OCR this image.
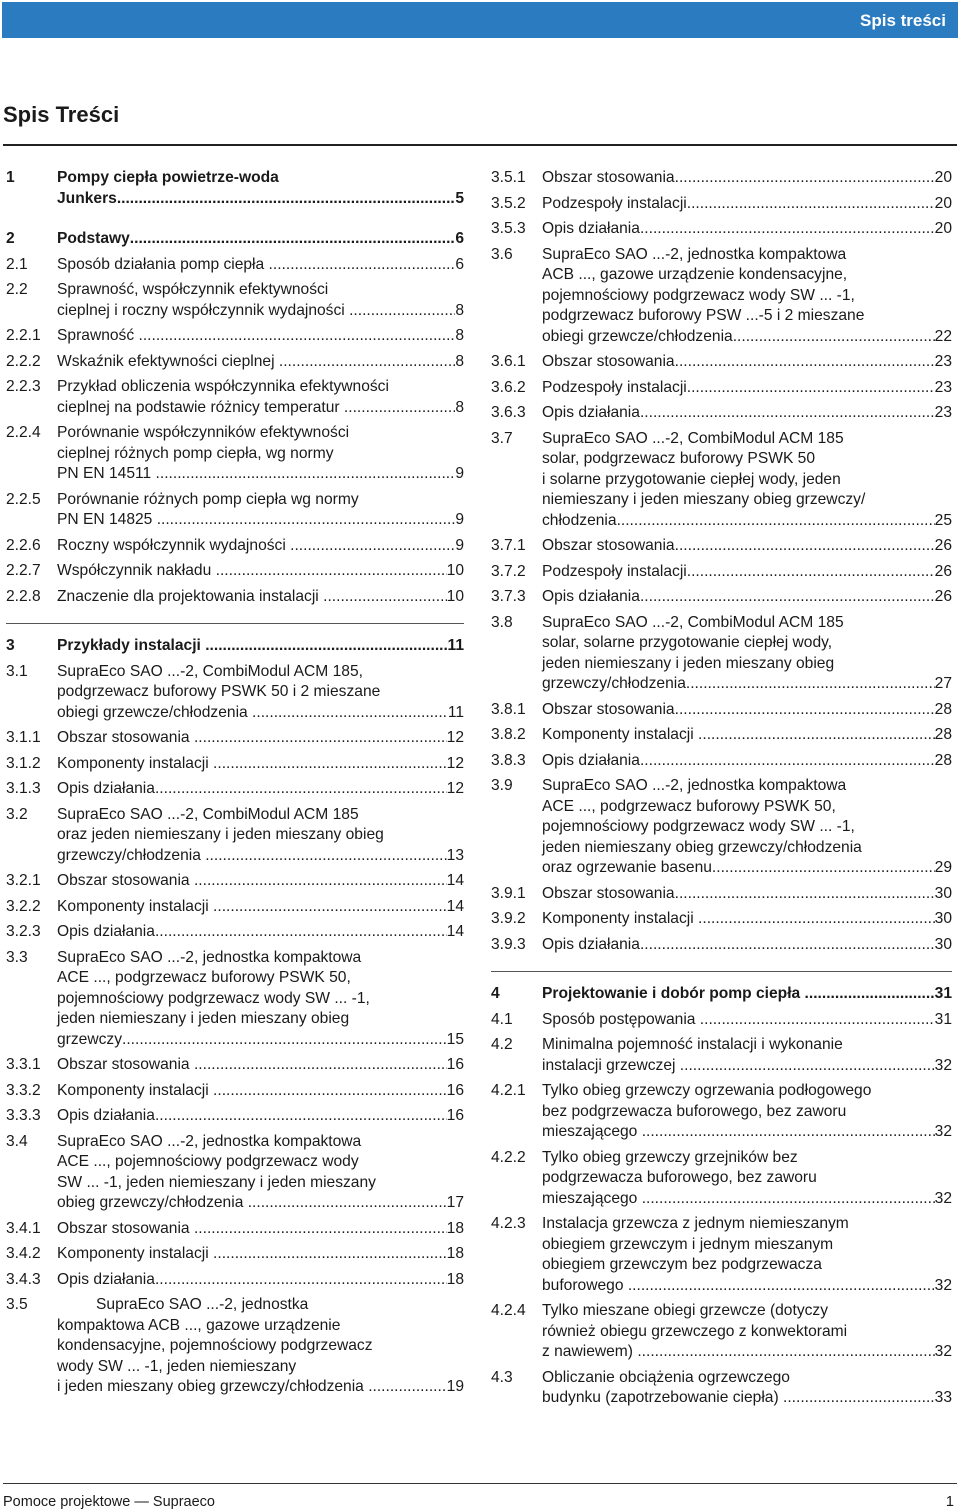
Spis treści
Spis Treści
1	Pompy ciepła powietrze-woda
Junkers .....	5
2	Podstawy .....	6
2.1 Sposób działania pomp ciepła .....	6
2.2 Sprawność, współczynnik efektywności
cieplnej i roczny współczynnik wydajności .....	8
2.2.1 Sprawność .....	8
2.2.2 Wskaźnik efektywności cieplnej .....	8
2.2.3 Przykład obliczenia współczynnika efektywności
cieplnej na podstawie różnicy temperatur .....	8
2.2.4 Porównanie współczynników efektywności
cieplnej różnych pomp ciepła, wg normy
PN EN 14511 .....	9
2.2.5 Porównanie różnych pomp ciepła wg normy
PN EN 14825 .....	9
2.2.6 Roczny współczynnik wydajności .....	9
2.2.7 Współczynnik nakładu .....	10
2.2.8 Znaczenie dla projektowania instalacji .....	10
3	Przykłady instalacji .....	11
3.1 SupraEco SAO ...-2, CombiModul ACM 185,
podgrzewacz buforowy PSWK 50 i 2 mieszane
obiegi grzewcze/chłodzenia .....	11
3.1.1 Obszar stosowania .....	12
3.1.2 Komponenty instalacji .....	12
3.1.3 Opis działania .....	12
3.2 SupraEco SAO ...-2, CombiModul ACM 185
oraz jeden niemieszany i jeden mieszany obieg
grzewczy/chłodzenia .....	13
3.2.1 Obszar stosowania .....	14
3.2.2 Komponenty instalacji .....	14
3.2.3 Opis działania .....	14
3.3 SupraEco SAO ...-2, jednostka kompaktowa
ACE ..., podgrzewacz buforowy PSWK 50,
pojemnościowy podgrzewacz wody SW ... -1,
jeden niemieszany i jeden mieszany obieg
grzewczy .....	15
3.3.1 Obszar stosowania .....	16
3.3.2 Komponenty instalacji .....	16
3.3.3 Opis działania .....	16
3.4 SupraEco SAO ...-2, jednostka kompaktowa
ACE ..., pojemnościowy podgrzewacz wody
SW ... -1, jeden niemieszany i jeden mieszany
obieg grzewczy/chłodzenia .....	17
3.4.1 Obszar stosowania .....	18
3.4.2 Komponenty instalacji .....	18
3.4.3 Opis działania .....	18
3.5 SupraEco SAO ...-2, jednostka
kompaktowa ACB ..., gazowe urządzenie
kondensacyjne, pojemnościowy podgrzewacz
wody SW ... -1, jeden niemieszany
i jeden mieszany obieg grzewczy/chłodzenia .....	19
3.5.1 Obszar stosowania .....	20
3.5.2 Podzespoły instalacji .....	20
3.5.3 Opis działania .....	20
3.6 SupraEco SAO ...-2, jednostka kompaktowa
ACB ..., gazowe urządzenie kondensacyjne,
pojemnościowy podgrzewacz wody SW ... -1,
podgrzewacz buforowy PSW ...-5 i 2 mieszane
obiegi grzewcze/chłodzenia .....	22
3.6.1 Obszar stosowania .....	23
3.6.2 Podzespoły instalacji .....	23
3.6.3 Opis działania .....	23
3.7 SupraEco SAO ...-2, CombiModul ACM 185
solar, podgrzewacz buforowy PSWK 50
i solarne przygotowanie ciepłej wody, jeden
niemieszany i jeden mieszany obieg grzewczy/
chłodzenia .....	25
3.7.1 Obszar stosowania .....	26
3.7.2 Podzespoły instalacji .....	26
3.7.3 Opis działania .....	26
3.8 SupraEco SAO ...-2, CombiModul ACM 185
solar, solarne przygotowanie ciepłej wody,
jeden niemieszany i jeden mieszany obieg
grzewczy/chłodzenia .....	27
3.8.1 Obszar stosowania .....	28
3.8.2 Komponenty instalacji .....	28
3.8.3 Opis działania .....	28
3.9 SupraEco SAO ...-2, jednostka kompaktowa
ACE ..., podgrzewacz buforowy PSWK 50,
pojemnościowy podgrzewacz wody SW ... -1,
jeden niemieszany obieg grzewczy/chłodzenia
oraz ogrzewanie basenu .....	29
3.9.1 Obszar stosowania .....	30
3.9.2 Komponenty instalacji .....	30
3.9.3 Opis działania .....	30
4	Projektowanie i dobór pomp ciepła .....	31
4.1 Sposób postępowania .....	31
4.2 Minimalna pojemność instalacji i wykonanie
instalacji grzewczej .....	32
4.2.1 Tylko obieg grzewczy ogrzewania podłogowego
bez podgrzewacza buforowego, bez zaworu
mieszającego .....	32
4.2.2 Tylko obieg grzewczy grzejników bez
podgrzewacza buforowego, bez zaworu
mieszającego .....	32
4.2.3 Instalacja grzewcza z jednym niemieszanym
obiegiem grzewczym i jednym mieszanym
obiegiem grzewczym bez podgrzewacza
buforowego .....	32
4.2.4 Tylko mieszane obiegi grzewcze (dotyczy
również obiegu grzewczego z konwektorami
z nawiewem) .....	32
4.3 Obliczanie obciążenia ogrzewczego
budynku (zapotrzebowanie ciepła) .....	33
Pomoce projektowe — Supraeco	1
